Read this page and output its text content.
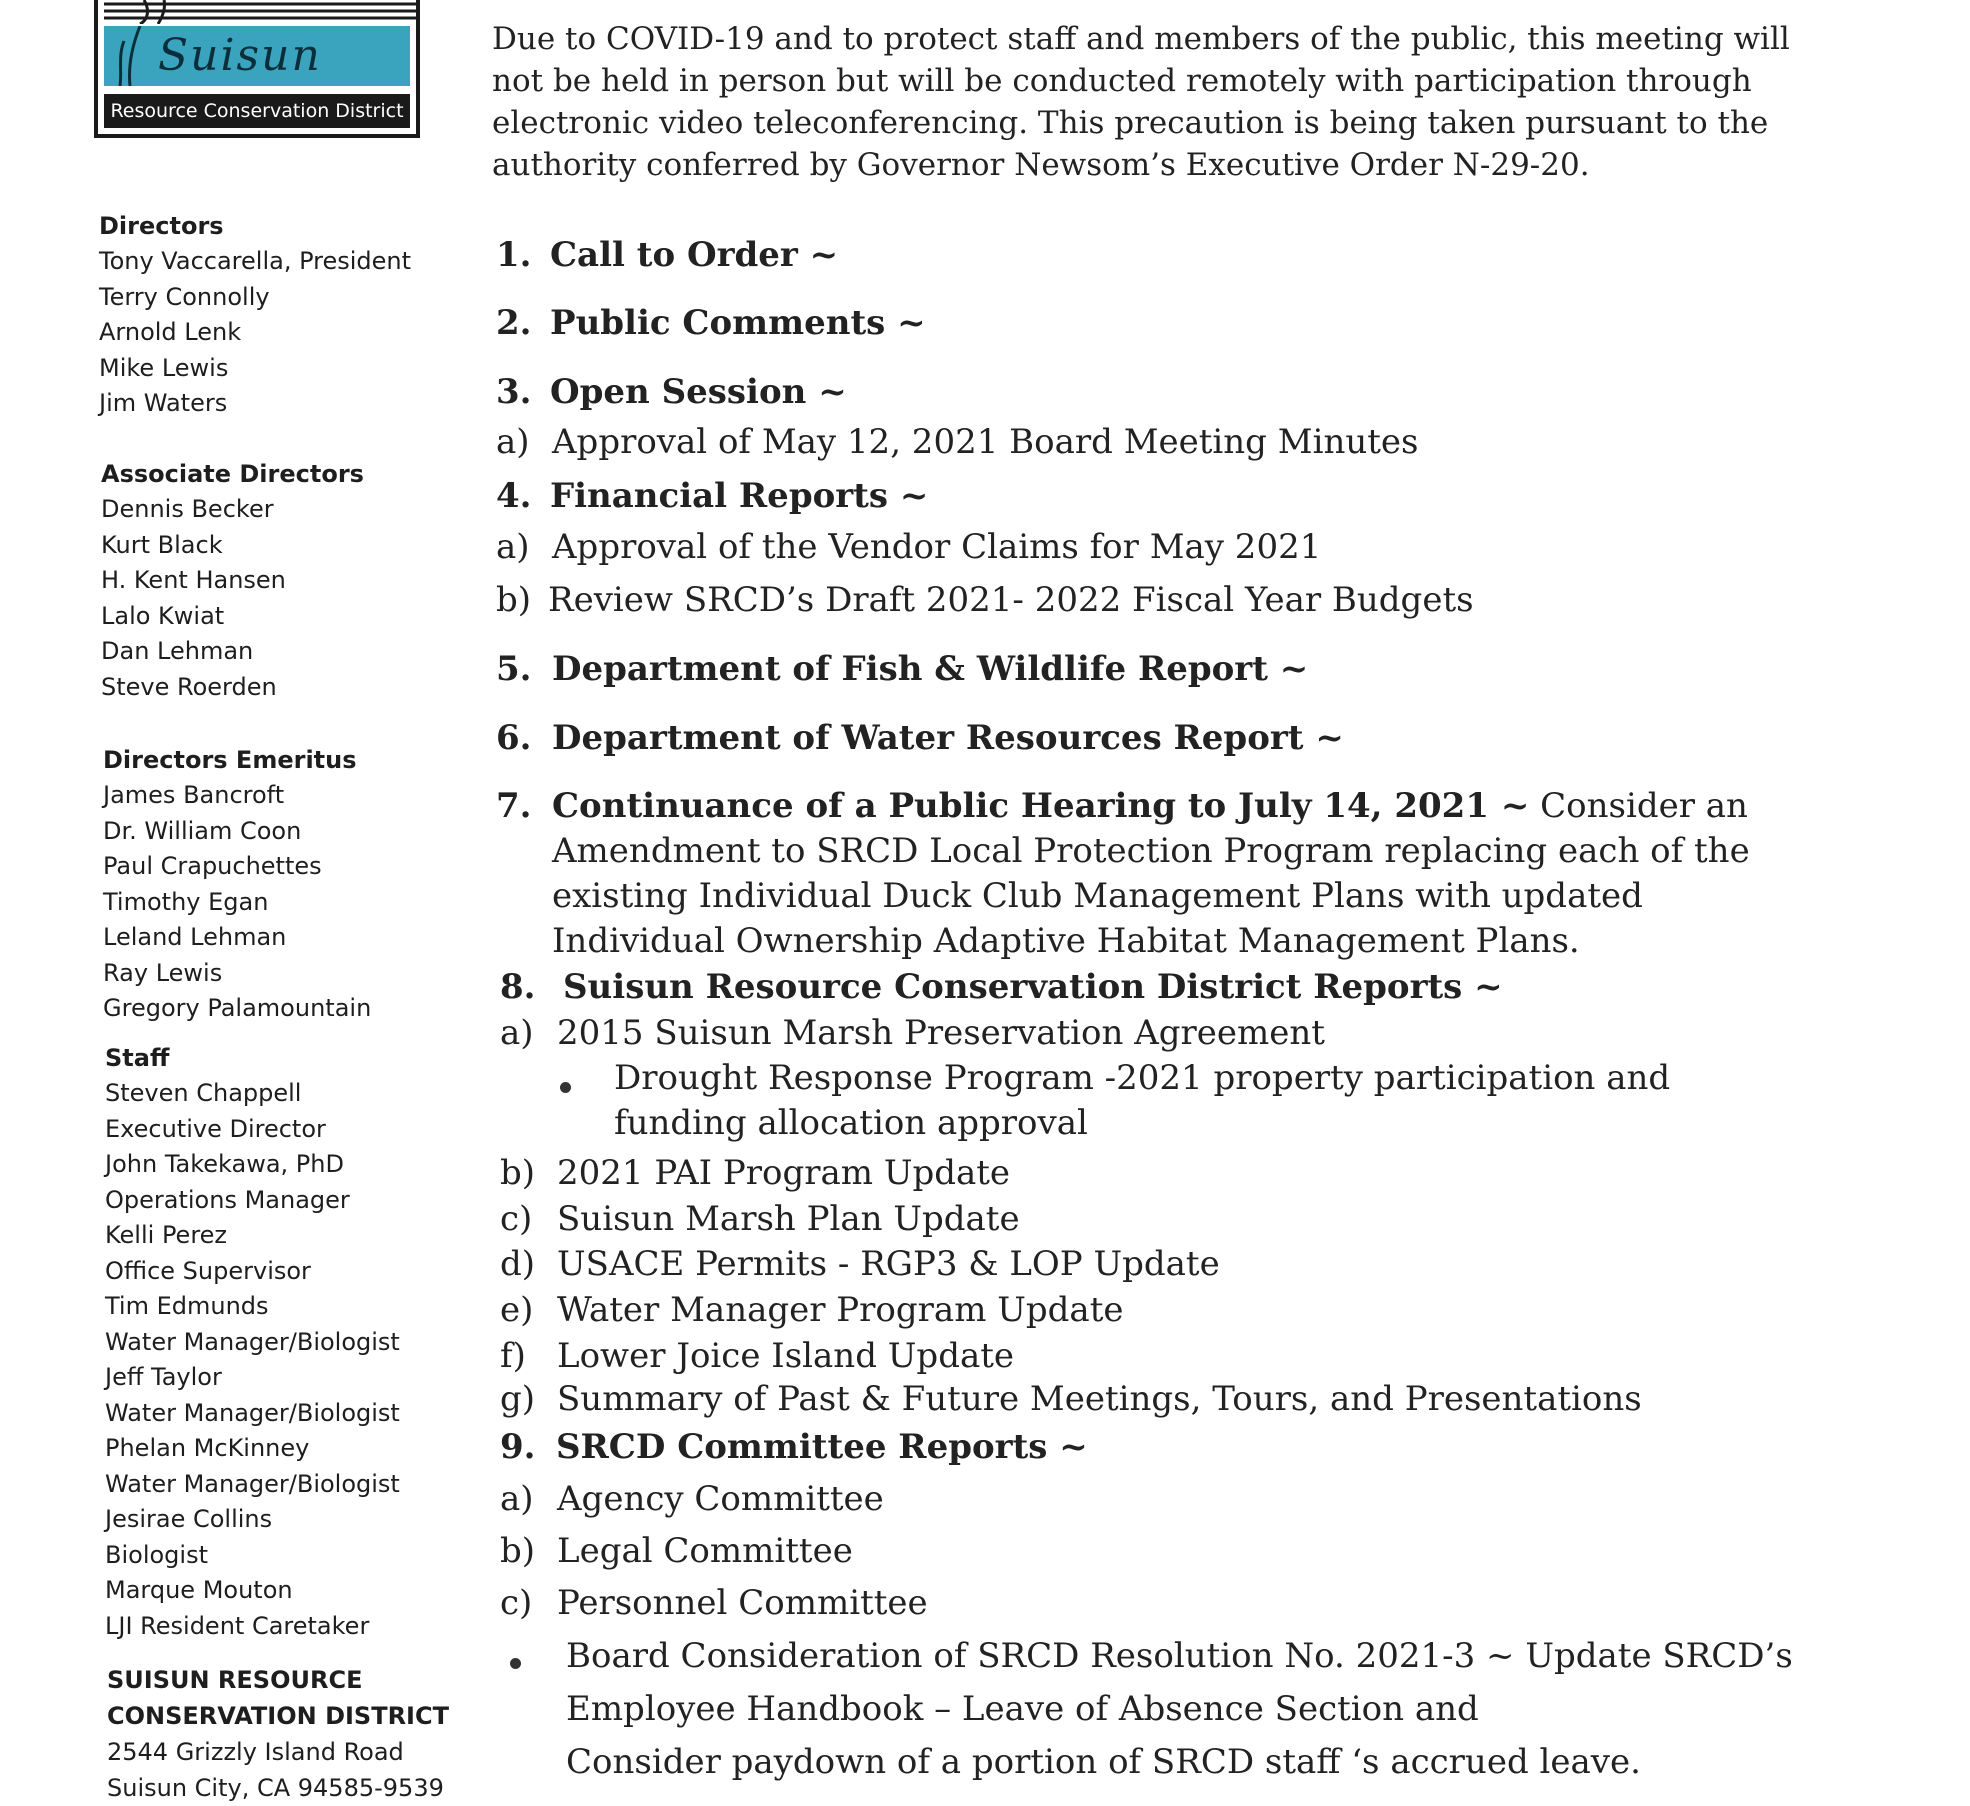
Suisun
Resource Conservation District
Directors
Tony Vaccarella, President
Terry Connolly
Arnold Lenk
Mike Lewis
Jim Waters
Associate Directors
Dennis Becker
Kurt Black
H. Kent Hansen
Lalo Kwiat
Dan Lehman
Steve Roerden
Directors Emeritus
James Bancroft
Dr. William Coon
Paul Crapuchettes
Timothy Egan
Leland Lehman
Ray Lewis
Gregory Palamountain
Staff
Steven Chappell
Executive Director
John Takekawa, PhD
Operations Manager
Kelli Perez
Office Supervisor
Tim Edmunds
Water Manager/Biologist
Jeff Taylor
Water Manager/Biologist
Phelan McKinney
Water Manager/Biologist
Jesirae Collins
Biologist
Marque Mouton
LJI Resident Caretaker
SUISUN RESOURCE
CONSERVATION DISTRICT
2544 Grizzly Island Road
Suisun City, CA 94585-9539
Due to COVID-19 and to protect staff and members of the public, this meeting will not be held in person but will be conducted remotely with participation through electronic video teleconferencing. This precaution is being taken pursuant to the authority conferred by Governor Newsom’s Executive Order N-29-20.
1. Call to Order ~
2. Public Comments ~
3. Open Session ~
a) Approval of May 12, 2021 Board Meeting Minutes
4. Financial Reports ~
a) Approval of the Vendor Claims for May 2021
b) Review SRCD’s Draft 2021- 2022 Fiscal Year Budgets
5. Department of Fish & Wildlife Report ~
6. Department of Water Resources Report ~
7. Continuance of a Public Hearing to July 14, 2021 ~ Consider an
Amendment to SRCD Local Protection Program replacing each of the
existing Individual Duck Club Management Plans with updated
Individual Ownership Adaptive Habitat Management Plans.
8. Suisun Resource Conservation District Reports ~
a) 2015 Suisun Marsh Preservation Agreement
Drought Response Program -2021 property participation and
funding allocation approval
b) 2021 PAI Program Update
c) Suisun Marsh Plan Update
d) USACE Permits - RGP3 & LOP Update
e) Water Manager Program Update
f) Lower Joice Island Update
g) Summary of Past & Future Meetings, Tours, and Presentations
9. SRCD Committee Reports ~
a) Agency Committee
b) Legal Committee
c) Personnel Committee
Board Consideration of SRCD Resolution No. 2021-3 ~ Update SRCD’s
Employee Handbook – Leave of Absence Section and
Consider paydown of a portion of SRCD staff ‘s accrued leave.
